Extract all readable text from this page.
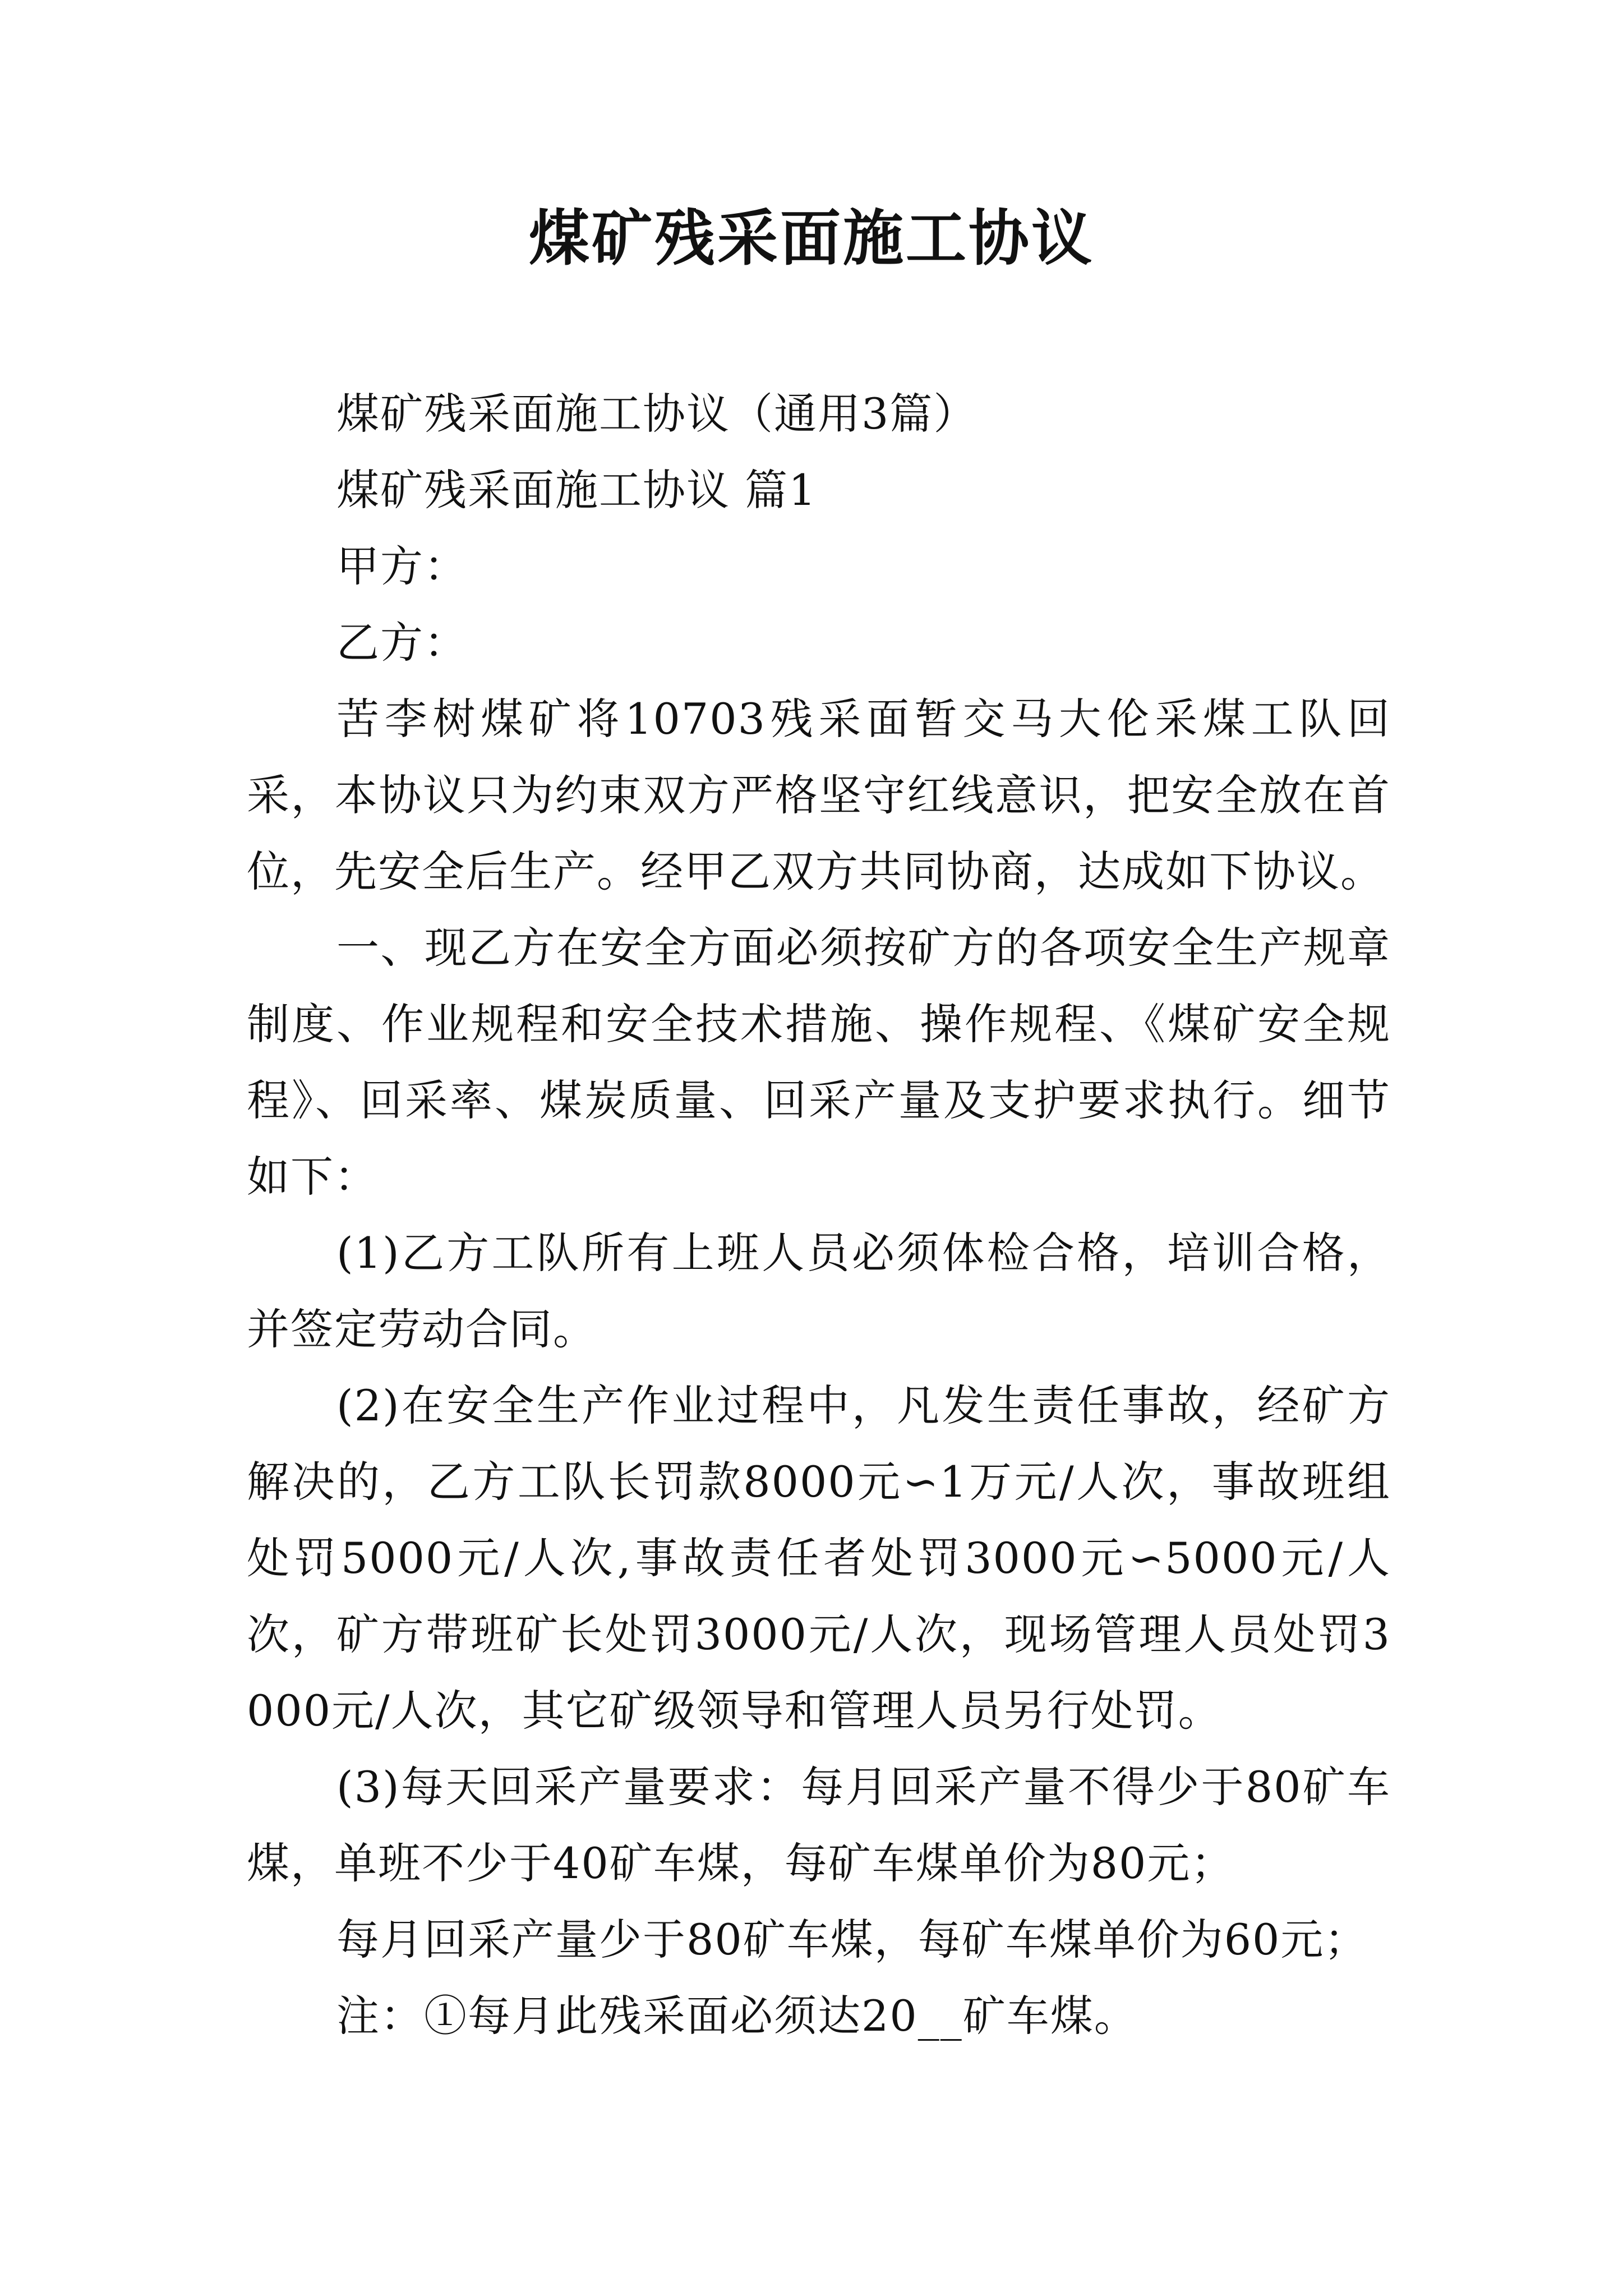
煤矿残采面施工协议

煤矿残采面施工协议（通用3篇）

煤矿残采面施工协议 篇1

甲方：

乙方：

苦李树煤矿将10703残采面暂交马大伦采煤工队回采，本协议只为约束双方严格坚守红线意识，把安全放在首位，先安全后生产。经甲乙双方共同协商，达成如下协议。

一、现乙方在安全方面必须按矿方的各项安全生产规章制度、作业规程和安全技术措施、操作规程、《煤矿安全规程》、回采率、煤炭质量、回采产量及支护要求执行。细节如下：

(1)乙方工队所有上班人员必须体检合格，培训合格，并签定劳动合同。

(2)在安全生产作业过程中，凡发生责任事故，经矿方解决的，乙方工队长罚款8000元∽1万元/人次，事故班组处罚5000元/人次,事故责任者处罚3000元∽5000元/人次，矿方带班矿长处罚3000元/人次，现场管理人员处罚3000元/人次，其它矿级领导和管理人员另行处罚。

(3)每天回采产量要求：每月回采产量不得少于80矿车煤，单班不少于40矿车煤，每矿车煤单价为80元；

每月回采产量少于80矿车煤，每矿车煤单价为60元；

注：①每月此残采面必须达20__矿车煤。
